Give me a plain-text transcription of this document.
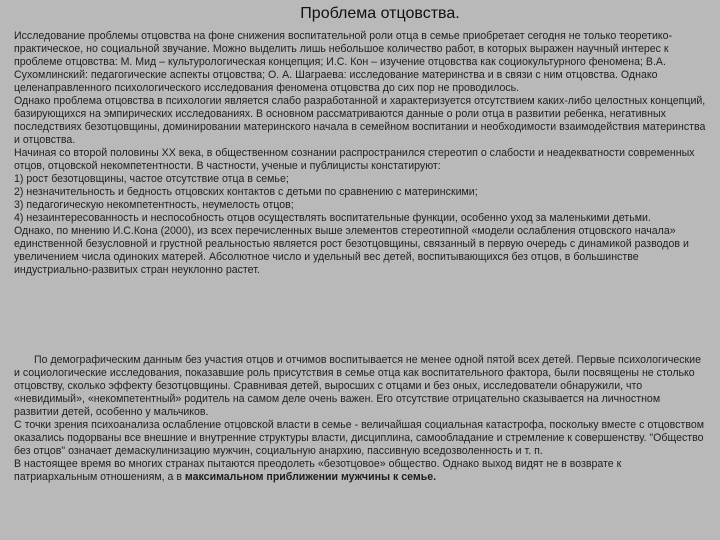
Проблема отцовства.

Исследование проблемы отцовства на фоне снижения воспитательной роли отца в семье приобретает сегодня не только теоретико-практическое, но социальной звучание. Можно выделить лишь небольшое количество работ, в которых выражен научный интерес к проблеме отцовства: М. Мид – культурологическая концепция; И.С. Кон – изучение отцовства как социокультурного феномена; В.А. Сухомлинский: педагогические аспекты отцовства; О. А. Шаграева: исследование материнства и в связи с ним отцовства. Однако целенаправленного психологического исследования феномена отцовства до сих пор не проводилось.

Однако проблема отцовства в психологии является слабо разработанной и характеризуется отсутствием каких-либо целостных концепций, базирующихся на эмпирических исследованиях. В основном рассматриваются данные о роли отца в развитии ребенка, негативных последствиях безотцовщины, доминировании материнского начала в семейном воспитании и необходимости взаимодействия материнства и отцовства.

Начиная со второй половины XX века, в общественном сознании распространился стереотип о слабости и неадекватности современных отцов, отцовской некомпетентности. В частности, ученые и публицисты констатируют:

1) рост безотцовщины, частое отсутствие отца в семье;

2) незначительность и бедность отцовских контактов с детьми по сравнению с материнскими;

3) педагогическую некомпетентность, неумелость отцов;

4) незаинтересованность и неспособность отцов осуществлять воспитательные функции, особенно уход за маленькими детьми.

Однако, по мнению И.С.Кона (2000), из всех перечисленных выше элементов стереотипной «модели ослабления отцовского начала» единственной безусловной и грустной реальностью является рост безотцовщины, связанный в первую очередь с динамикой разводов и увеличением числа одиноких матерей. Абсолютное число и удельный вес детей, воспитывающихся без отцов, в большинстве индустриально-развитых стран неуклонно растет.

По демографическим данным без участия отцов и отчимов воспитывается не менее одной пятой всех детей. Первые психологические и социологические исследования, показавшие роль присутствия в семье отца как воспитательного фактора, были посвящены не столько отцовству, сколько эффекту безотцовщины. Сравнивая детей, выросших с отцами и без оных, исследователи обнаружили, что «невидимый», «некомпетентный» родитель на самом деле очень важен. Его отсутствие отрицательно сказывается на личностном развитии детей, особенно у мальчиков.

С точки зрения психоанализа ослабление отцовской власти в семье - величайшая социальная катастрофа, поскольку вместе с отцовством оказались подорваны все внешние и внутренние структуры власти, дисциплина, самообладание и стремление к совершенству. "Общество без отцов" означает демаскулинизацию мужчин, социальную анархию, пассивную вседозволенность и т. п.

В настоящее время во многих странах пытаются преодолеть «безотцовое» общество. Однако выход видят не в возврате к патриархальным отношениям, а в максимальном приближении мужчины к семье.
